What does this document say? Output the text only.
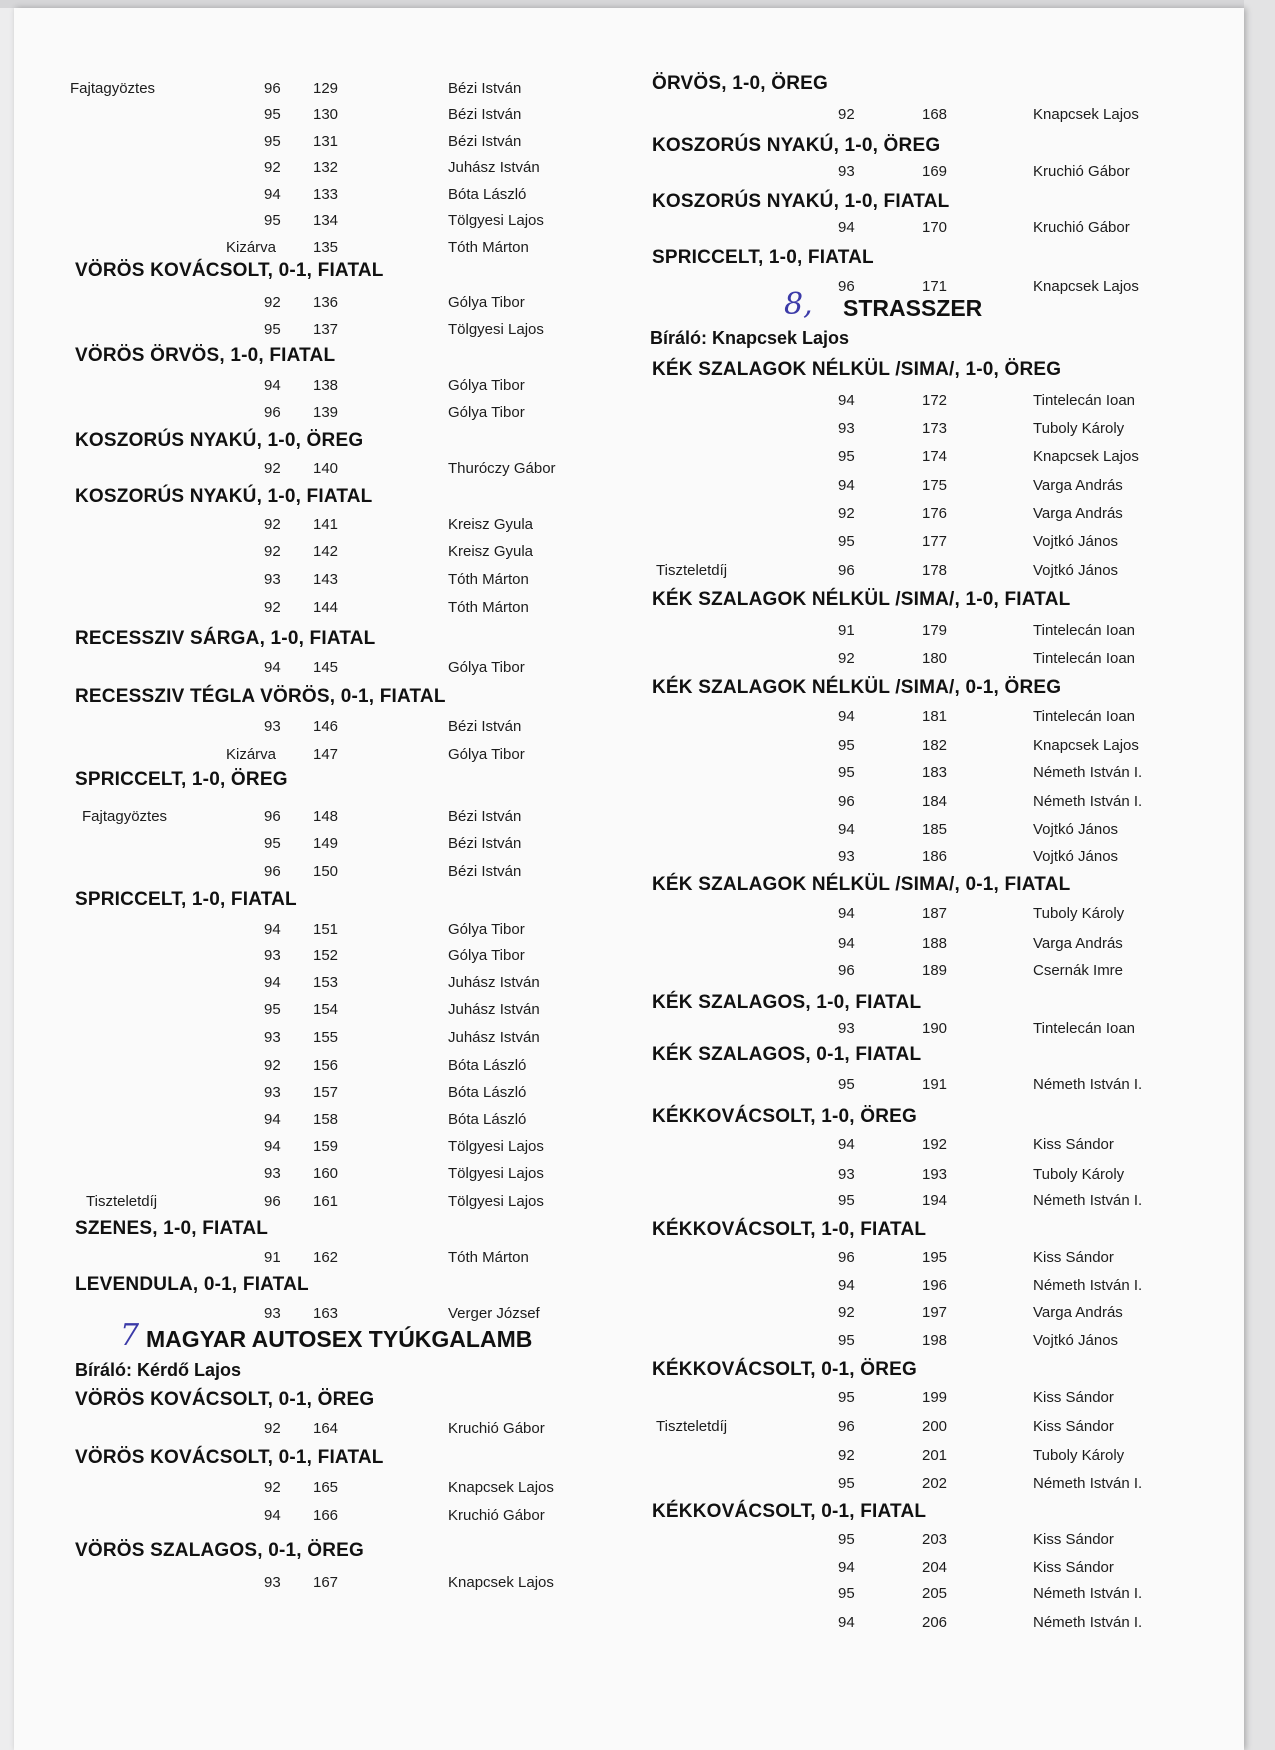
Fajtagyöztes	96 129	Bézi István
95 130	Bézi István
95 131	Bézi István
92 132	Juhász István
94 133	Bóta László
95 134	Tölgyesi Lajos
Kizárva 135	Tóth Márton
VÖRÖS KOVÁCSOLT, 0-1, FIATAL
92 136	Gólya Tibor
95 137	Tölgyesi Lajos
VÖRÖS ÖRVÖS, 1-0, FIATAL
94 138	Gólya Tibor
96 139	Gólya Tibor
KOSZORÚS NYAKÚ, 1-0, ÖREG
92 140	Thuróczy Gábor
KOSZORÚS NYAKÚ, 1-0, FIATAL
92 141	Kreisz Gyula
92 142	Kreisz Gyula
93 143	Tóth Márton
92 144	Tóth Márton
RECESSZIV SÁRGA, 1-0, FIATAL
94 145	Gólya Tibor
RECESSZIV TÉGLA VÖRÖS, 0-1, FIATAL
93 146	Bézi István
Kizárva 147	Gólya Tibor
SPRICCELT, 1-0, ÖREG
Fajtagyöztes	96 148	Bézi István
95 149	Bézi István
96 150	Bézi István
SPRICCELT, 1-0, FIATAL
94 151	Gólya Tibor
93 152	Gólya Tibor
94 153	Juhász István
95 154	Juhász István
93 155	Juhász István
92 156	Bóta László
93 157	Bóta László
94 158	Bóta László
94 159	Tölgyesi Lajos
93 160	Tölgyesi Lajos
Tiszteletdíj	96 161	Tölgyesi Lajos
SZENES, 1-0, FIATAL
91 162	Tóth Márton
LEVENDULA, 0-1, FIATAL
93 163	Verger József
7 MAGYAR AUTOSEX TYÚKGALAMB
Bíráló: Kérdő Lajos
VÖRÖS KOVÁCSOLT, 0-1, ÖREG
92 164	Kruchió Gábor
VÖRÖS KOVÁCSOLT, 0-1, FIATAL
92 165	Knapcsek Lajos
94 166	Kruchió Gábor
VÖRÖS SZALAGOS, 0-1, ÖREG
93 167	Knapcsek Lajos
ÖRVÖS, 1-0, ÖREG
92	168	Knapcsek Lajos
KOSZORÚS NYAKÚ, 1-0, ÖREG
93	169	Kruchió Gábor
KOSZORÚS NYAKÚ, 1-0, FIATAL
94	170	Kruchió Gábor
SPRICCELT, 1-0, FIATAL
96	171	Knapcsek Lajos
8, STRASSZER
Bíráló: Knapcsek Lajos
KÉK SZALAGOK NÉLKÜL /SIMA/, 1-0, ÖREG
94	172	Tintelecán Ioan
93	173	Tuboly Károly
95	174	Knapcsek Lajos
94	175	Varga András
92	176	Varga András
95	177	Vojtkó János
Tiszteletdíj	96	178	Vojtkó János
KÉK SZALAGOK NÉLKÜL /SIMA/, 1-0, FIATAL
91	179	Tintelecán Ioan
92	180	Tintelecán Ioan
KÉK SZALAGOK NÉLKÜL /SIMA/, 0-1, ÖREG
94	181	Tintelecán Ioan
95	182	Knapcsek Lajos
95	183	Németh István I.
96	184	Németh István I.
94	185	Vojtkó János
93	186	Vojtkó János
KÉK SZALAGOK NÉLKÜL /SIMA/, 0-1, FIATAL
94	187	Tuboly Károly
94	188	Varga András
96	189	Csernák Imre
KÉK SZALAGOS, 1-0, FIATAL
93	190	Tintelecán Ioan
KÉK SZALAGOS, 0-1, FIATAL
95	191	Németh István I.
KÉKKOVÁCSOLT, 1-0, ÖREG
94	192	Kiss Sándor
93	193	Tuboly Károly
95	194	Németh István I.
KÉKKOVÁCSOLT, 1-0, FIATAL
96	195	Kiss Sándor
94	196	Németh István I.
92	197	Varga András
95	198	Vojtkó János
KÉKKOVÁCSOLT, 0-1, ÖREG
95	199	Kiss Sándor
Tiszteletdíj	96	200	Kiss Sándor
92	201	Tuboly Károly
95	202	Németh István I.
KÉKKOVÁCSOLT, 0-1, FIATAL
95	203	Kiss Sándor
94	204	Kiss Sándor
95	205	Németh István I.
94	206	Németh István I.
